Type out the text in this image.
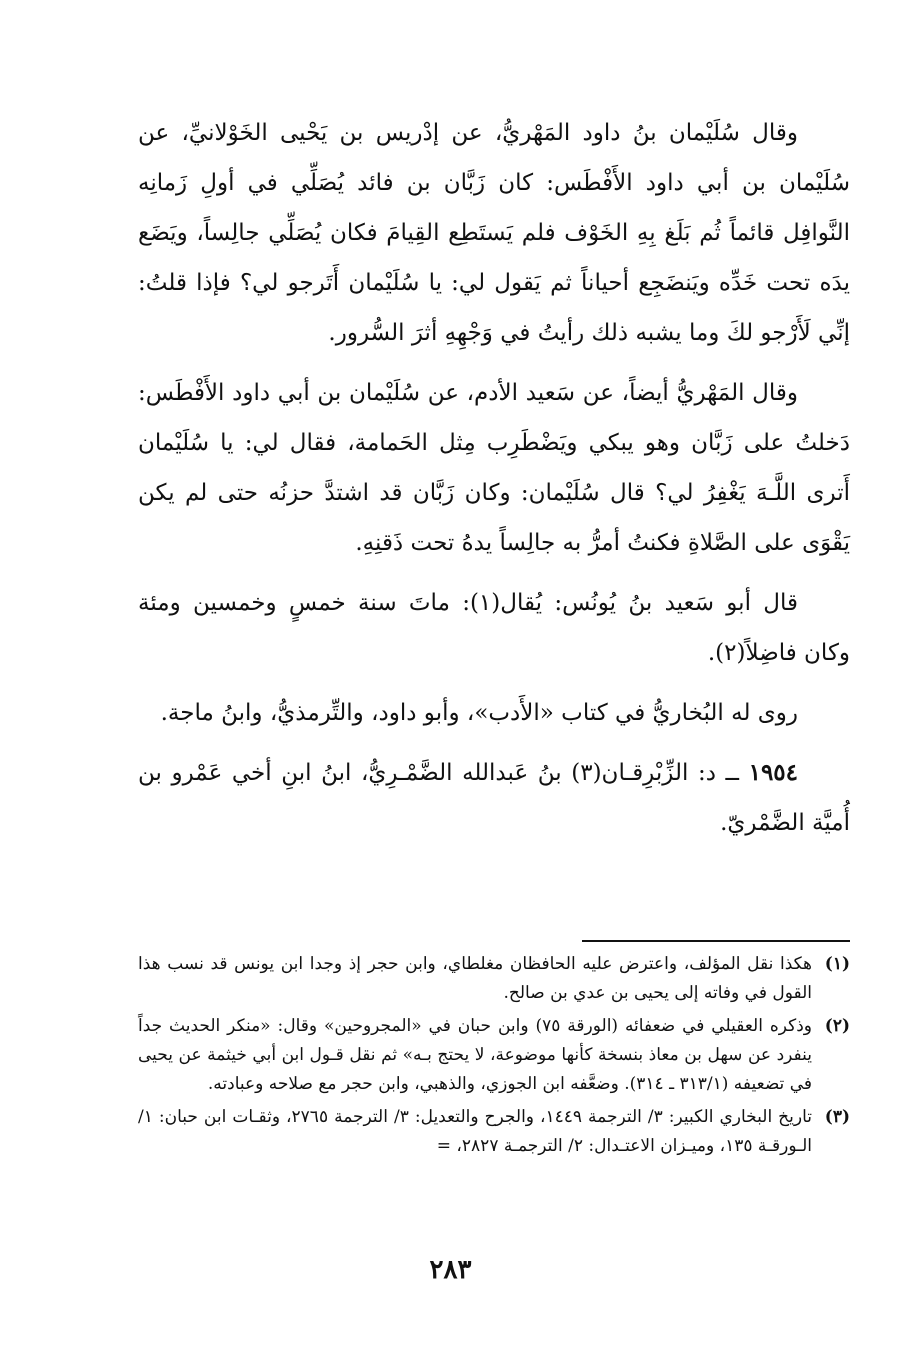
وقال سُلَيْمان بنُ داود المَهْريُّ، عن إدْريس بن يَحْيى الخَوْلانيِّ، عن سُلَيْمان بن أبي داود الأَفْطَس: كان زَبَّان بن فائد يُصَلِّي في أولِ زَمانِه النَّوافِل قائماً ثُم بَلَغ بِهِ الخَوْف فلم يَستَطِع القِيامَ فكان يُصَلِّي جالِساً، ويَضَع يدَه تحت خَدِّه ويَنضَجِع أحياناً ثم يَقول لي: يا سُلَيْمان أَتَرجو لي؟ فإذا قلتُ: إنِّي لَأَرْجو لكَ وما يشبه ذلك رأيتُ في وَجْهِهِ أثرَ السُّرور.

وقال المَهْريُّ أيضاً، عن سَعيد الأدم، عن سُلَيْمان بن أبي داود الأَفْطَس: دَخلتُ على زَبَّان وهو يبكي ويَضْطَرِب مِثل الحَمامة، فقال لي: يا سُلَيْمان أَترى اللَّـهَ يَغْفِرُ لي؟ قال سُلَيْمان: وكان زَبَّان قد اشتدَّ حزنُه حتى لم يكن يَقْوَى على الصَّلاةِ فكنتُ أمرُّ به جالِساً يدهُ تحت ذَقنِهِ.

قال أبو سَعيد بنُ يُونُس: يُقال(١): ماتَ سنة خمسٍ وخمسين ومئة وكان فاضِلاً(٢).

روى له البُخاريُّ في كتاب «الأَدب»، وأبو داود، والتِّرمذيُّ، وابنُ ماجة.

١٩٥٤ ــ د: الزِّبْرِقـان(٣) بنُ عَبدالله الضَّمْـرِيُّ، ابنُ ابنِ أخي عَمْرو بن أُميَّة الضَّمْريّ.

(١)
هكذا نقل المؤلف، واعترض عليه الحافظان مغلطاي، وابن حجر إذ وجدا ابن يونس قد نسب هذا القول في وفاته إلى يحيى بن عدي بن صالح.
(٢)
وذكره العقيلي في ضعفائه (الورقة ٧٥) وابن حبان في «المجروحين» وقال: «منكر الحديث جداً ينفرد عن سهل بن معاذ بنسخة كأنها موضوعة، لا يحتج بـه» ثم نقل قـول ابن أبي خيثمة عن يحيى في تضعيفه (٣١٣/١ ـ ٣١٤). وضعَّفه ابن الجوزي، والذهبي، وابن حجر مع صلاحه وعبادته.
(٣)
تاريخ البخاري الكبير: ٣/ الترجمة ١٤٤٩، والجرح والتعديل: ٣/ الترجمة ٢٧٦٥، وثقـات ابن حبان: ١/ الـورقـة ١٣٥، وميـزان الاعتـدال: ٢/ الترجمـة ٢٨٢٧، =
٢٨٣
